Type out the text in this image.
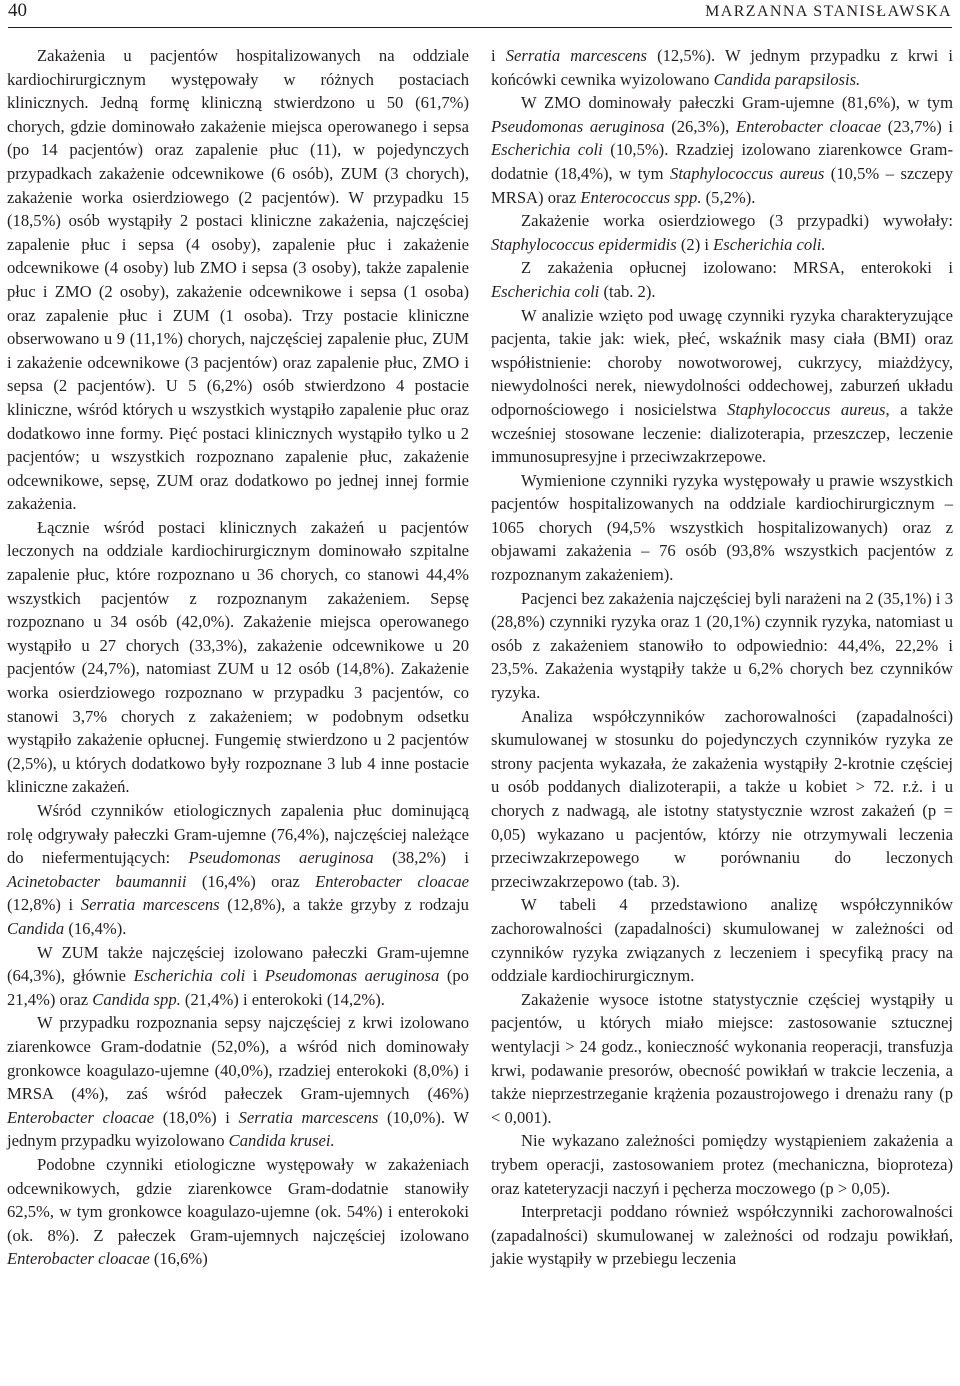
40	MARZANNA STANISŁAWSKA

Zakażenia u pacjentów hospitalizowanych na oddziale kardiochirurgicznym występowały w różnych postaciach klinicznych. Jedną formę kliniczną stwierdzono u 50 (61,7%) chorych, gdzie dominowało zakażenie miejsca operowanego i sepsa (po 14 pacjentów) oraz zapalenie płuc (11), w pojedynczych przypadkach zakażenie odcewnikowe (6 osób), ZUM (3 chorych), zakażenie worka osierdziowego (2 pacjentów). W przypadku 15 (18,5%) osób wystąpiły 2 postaci kliniczne zakażenia, najczęściej zapalenie płuc i sepsa (4 osoby), zapalenie płuc i zakażenie odcewnikowe (4 osoby) lub ZMO i sepsa (3 osoby), także zapalenie płuc i ZMO (2 osoby), zakażenie odcewnikowe i sepsa (1 osoba) oraz zapalenie płuc i ZUM (1 osoba). Trzy postacie kliniczne obserwowano u 9 (11,1%) chorych, najczęściej zapalenie płuc, ZUM i zakażenie odcewnikowe (3 pacjentów) oraz zapalenie płuc, ZMO i sepsa (2 pacjentów). U 5 (6,2%) osób stwierdzono 4 postacie kliniczne, wśród których u wszystkich wystąpiło zapalenie płuc oraz dodatkowo inne formy. Pięć postaci klinicznych wystąpiło tylko u 2 pacjentów; u wszystkich rozpoznano zapalenie płuc, zakażenie odcewnikowe, sepsę, ZUM oraz dodatkowo po jednej innej formie zakażenia.

Łącznie wśród postaci klinicznych zakażeń u pacjentów leczonych na oddziale kardiochirurgicznym dominowało szpitalne zapalenie płuc, które rozpoznano u 36 chorych, co stanowi 44,4% wszystkich pacjentów z rozpoznanym zakażeniem. Sepsę rozpoznano u 34 osób (42,0%). Zakażenie miejsca operowanego wystąpiło u 27 chorych (33,3%), zakażenie odcewnikowe u 20 pacjentów (24,7%), natomiast ZUM u 12 osób (14,8%). Zakażenie worka osierdziowego rozpoznano w przypadku 3 pacjentów, co stanowi 3,7% chorych z zakażeniem; w podobnym odsetku wystąpiło zakażenie opłucnej. Fungemię stwierdzono u 2 pacjentów (2,5%), u których dodatkowo były rozpoznane 3 lub 4 inne postacie kliniczne zakażeń.

Wśród czynników etiologicznych zapalenia płuc dominującą rolę odgrywały pałeczki Gram-ujemne (76,4%), najczęściej należące do niefermentujących: Pseudomonas aeruginosa (38,2%) i Acinetobacter baumannii (16,4%) oraz Enterobacter cloacae (12,8%) i Serratia marcescens (12,8%), a także grzyby z rodzaju Candida (16,4%).

W ZUM także najczęściej izolowano pałeczki Gram-ujemne (64,3%), głównie Escherichia coli i Pseudomonas aeruginosa (po 21,4%) oraz Candida spp. (21,4%) i enterokoki (14,2%).

W przypadku rozpoznania sepsy najczęściej z krwi izolowano ziarenkowce Gram-dodatnie (52,0%), a wśród nich dominowały gronkowce koagulazo-ujemne (40,0%), rzadziej enterokoki (8,0%) i MRSA (4%), zaś wśród pałeczek Gram-ujemnych (46%) Enterobacter cloacae (18,0%) i Serratia marcescens (10,0%). W jednym przypadku wyizolowano Candida krusei.

Podobne czynniki etiologiczne występowały w zakażeniach odcewnikowych, gdzie ziarenkowce Gram-dodatnie stanowiły 62,5%, w tym gronkowce koagulazo-ujemne (ok. 54%) i enterokoki (ok. 8%). Z pałeczek Gram-ujemnych najczęściej izolowano Enterobacter cloacae (16,6%)

i Serratia marcescens (12,5%). W jednym przypadku z krwi i końcówki cewnika wyizolowano Candida parapsilosis.

W ZMO dominowały pałeczki Gram-ujemne (81,6%), w tym Pseudomonas aeruginosa (26,3%), Enterobacter cloacae (23,7%) i Escherichia coli (10,5%). Rzadziej izolowano ziarenkowce Gram-dodatnie (18,4%), w tym Staphylococcus aureus (10,5% – szczepy MRSA) oraz Enterococcus spp. (5,2%).

Zakażenie worka osierdziowego (3 przypadki) wywołały: Staphylococcus epidermidis (2) i Escherichia coli.

Z zakażenia opłucnej izolowano: MRSA, enterokoki i Escherichia coli (tab. 2).

W analizie wzięto pod uwagę czynniki ryzyka charakteryzujące pacjenta, takie jak: wiek, płeć, wskaźnik masy ciała (BMI) oraz współistnienie: choroby nowotworowej, cukrzycy, miażdżycy, niewydolności nerek, niewydolności oddechowej, zaburzeń układu odpornościowego i nosicielstwa Staphylococcus aureus, a także wcześniej stosowane leczenie: dializoterapia, przeszczep, leczenie immunosupresyjne i przeciwzakrzepowe.

Wymienione czynniki ryzyka występowały u prawie wszystkich pacjentów hospitalizowanych na oddziale kardiochirurgicznym – 1065 chorych (94,5% wszystkich hospitalizowanych) oraz z objawami zakażenia – 76 osób (93,8% wszystkich pacjentów z rozpoznanym zakażeniem).

Pacjenci bez zakażenia najczęściej byli narażeni na 2 (35,1%) i 3 (28,8%) czynniki ryzyka oraz 1 (20,1%) czynnik ryzyka, natomiast u osób z zakażeniem stanowiło to odpowiednio: 44,4%, 22,2% i 23,5%. Zakażenia wystąpiły także u 6,2% chorych bez czynników ryzyka.

Analiza współczynników zachorowalności (zapadalności) skumulowanej w stosunku do pojedynczych czynników ryzyka ze strony pacjenta wykazała, że zakażenia wystąpiły 2-krotnie częściej u osób poddanych dializoterapii, a także u kobiet > 72. r.ż. i u chorych z nadwagą, ale istotny statystycznie wzrost zakażeń (p = 0,05) wykazano u pacjentów, którzy nie otrzymywali leczenia przeciwzakrzepowego w porównaniu do leczonych przeciwzakrzepowo (tab. 3).

W tabeli 4 przedstawiono analizę współczynników zachorowalności (zapadalności) skumulowanej w zależności od czynników ryzyka związanych z leczeniem i specyfiką pracy na oddziale kardiochirurgicznym.

Zakażenie wysoce istotne statystycznie częściej wystąpiły u pacjentów, u których miało miejsce: zastosowanie sztucznej wentylacji > 24 godz., konieczność wykonania reoperacji, transfuzja krwi, podawanie presorów, obecność powikłań w trakcie leczenia, a także nieprzestrzeganie krążenia pozaustrojowego i drenażu rany (p < 0,001).

Nie wykazano zależności pomiędzy wystąpieniem zakażenia a trybem operacji, zastosowaniem protez (mechaniczna, bioproteza) oraz kateteryzacji naczyń i pęcherza moczowego (p > 0,05).

Interpretacji poddano również współczynniki zachorowalności (zapadalności) skumulowanej w zależności od rodzaju powikłań, jakie wystąpiły w przebiegu leczenia
